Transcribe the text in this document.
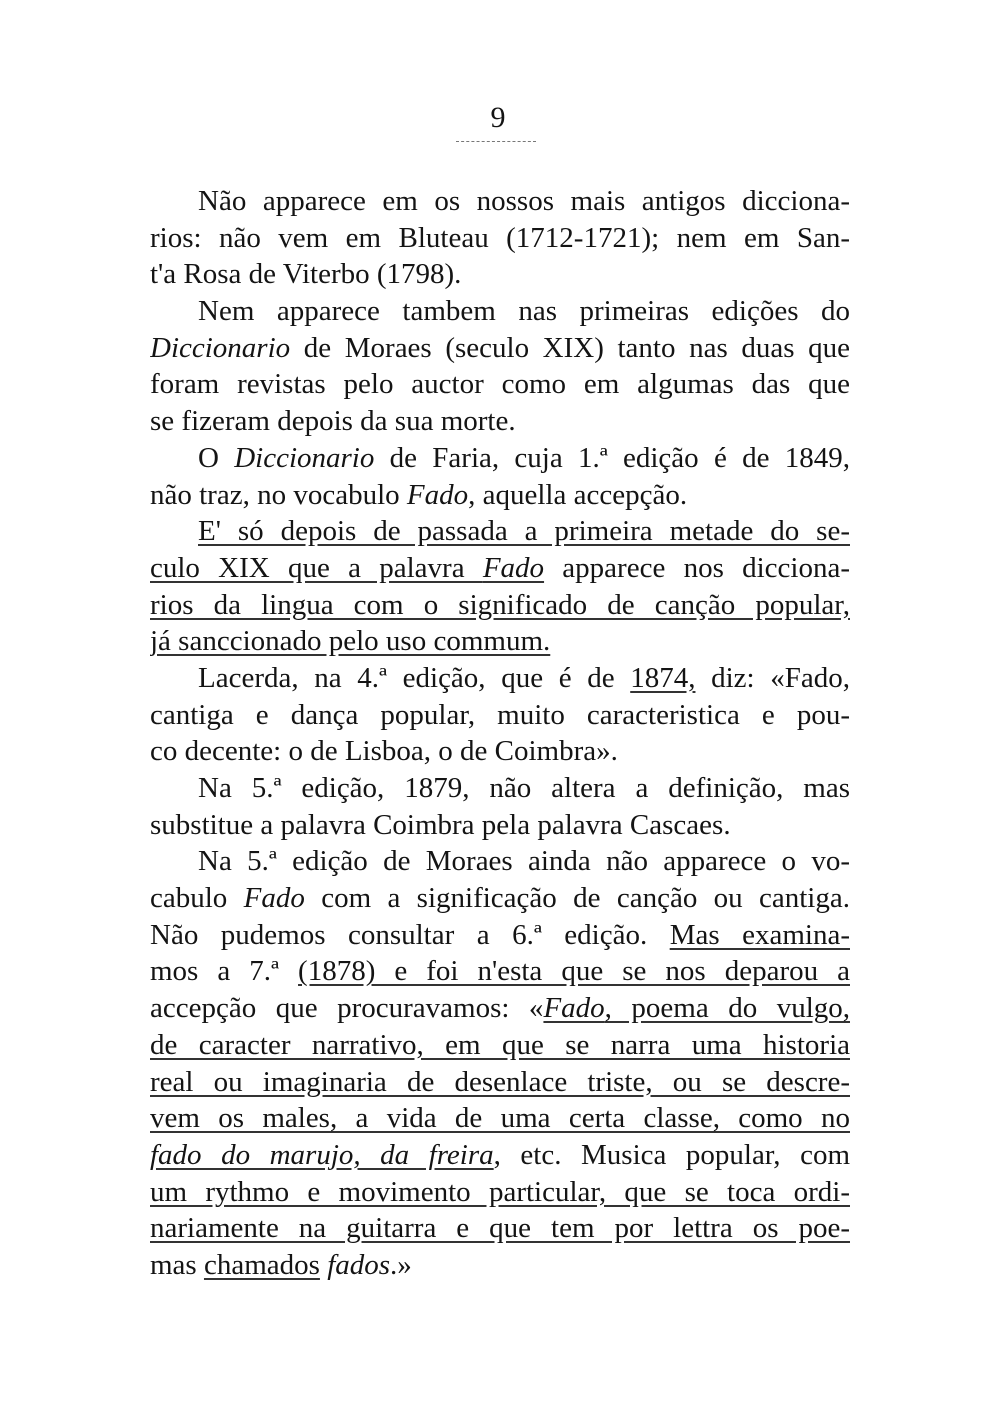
9
Não apparece em os nossos mais antigos dicciona-
rios: não vem em Bluteau (1712-1721); nem em San-
t'a Rosa de Viterbo (1798).
Nem apparece tambem nas primeiras edições do
Diccionario de Moraes (seculo XIX) tanto nas duas que
foram revistas pelo auctor como em algumas das que
se fizeram depois da sua morte.
O Diccionario de Faria, cuja 1.ª edição é de 1849,
não traz, no vocabulo Fado, aquella accepção.
E' só depois de passada a primeira metade do se-
culo XIX que a palavra Fado apparece nos dicciona-
rios da lingua com o significado de canção popular,
já sanccionado pelo uso commum.
Lacerda, na 4.ª edição, que é de 1874, diz: «Fado,
cantiga e dança popular, muito caracteristica e pou-
co decente: o de Lisboa, o de Coimbra».
Na 5.ª edição, 1879, não altera a definição, mas
substitue a palavra Coimbra pela palavra Cascaes.
Na 5.ª edição de Moraes ainda não apparece o vo-
cabulo Fado com a significação de canção ou cantiga.
Não pudemos consultar a 6.ª edição. Mas examina-
mos a 7.ª (1878) e foi n'esta que se nos deparou a
accepção que procuravamos: «Fado, poema do vulgo,
de caracter narrativo, em que se narra uma historia
real ou imaginaria de desenlace triste, ou se descre-
vem os males, a vida de uma certa classe, como no
fado do marujo, da freira, etc. Musica popular, com
um rythmo e movimento particular, que se toca ordi-
nariamente na guitarra e que tem por lettra os poe-
mas chamados fados.»
